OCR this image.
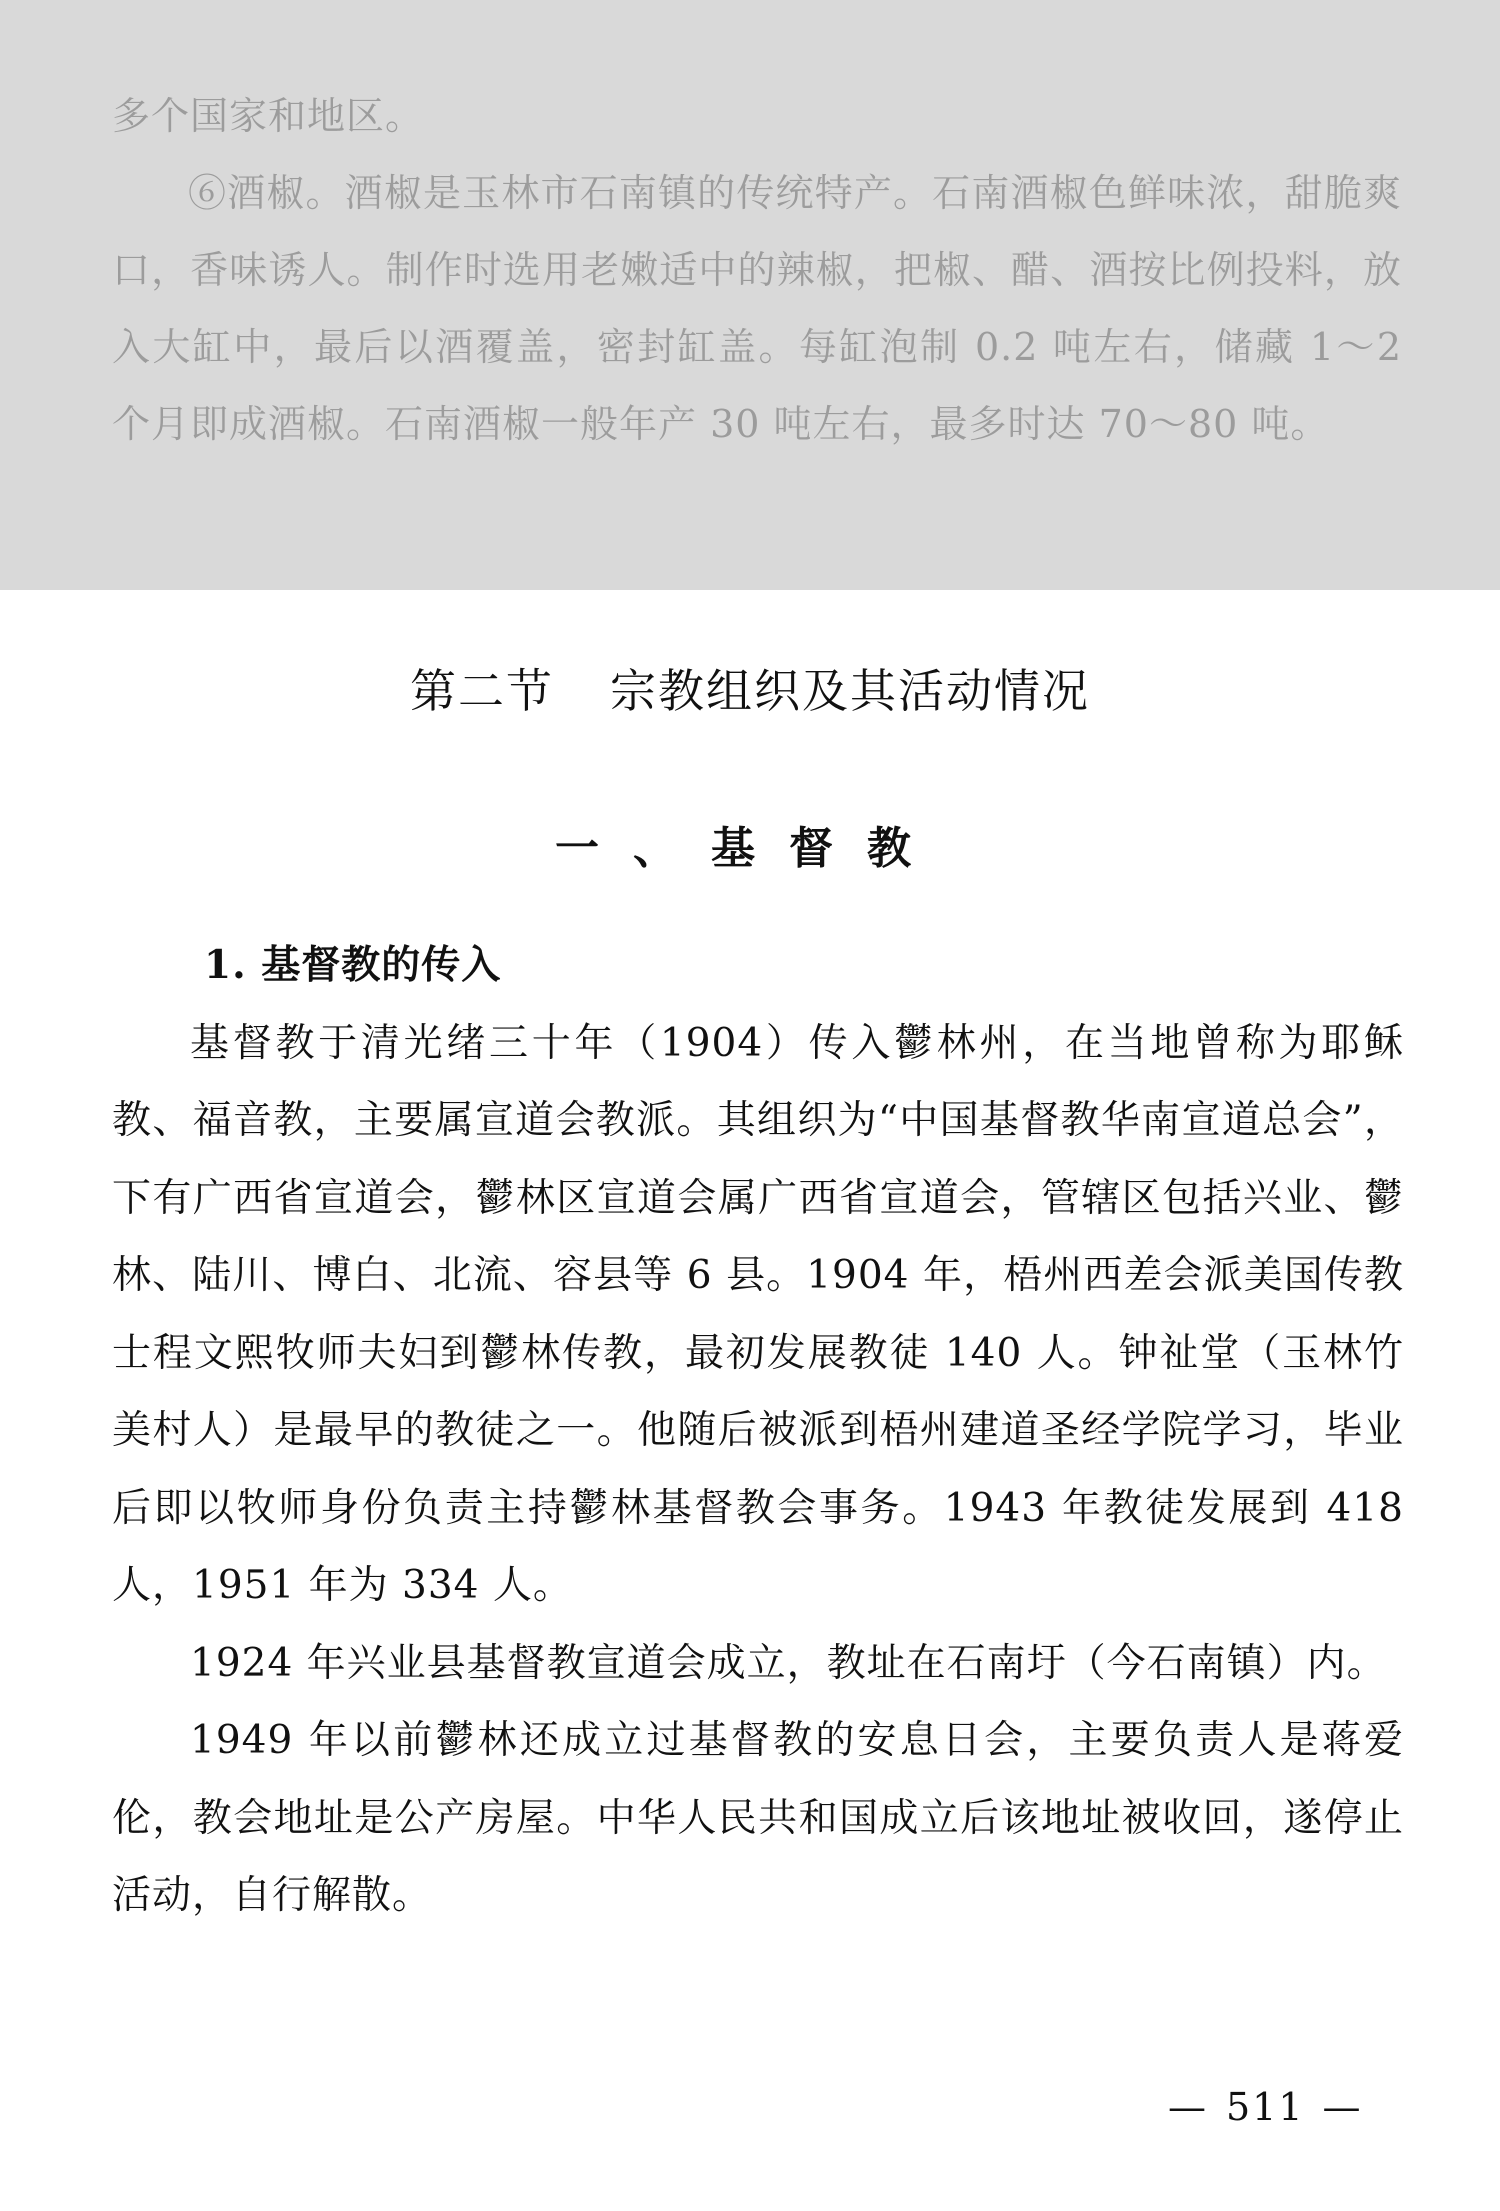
多个国家和地区。

⑥酒椒。酒椒是玉林市石南镇的传统特产。石南酒椒色鲜味浓，甜脆爽口，香味诱人。制作时选用老嫩适中的辣椒，把椒、醋、酒按比例投料，放入大缸中，最后以酒覆盖，密封缸盖。每缸泡制 0.2 吨左右，储藏 1～2 个月即成酒椒。石南酒椒一般年产 30 吨左右，最多时达 70～80 吨。

第二节 宗教组织及其活动情况
一、基督教

1. 基督教的传入

基督教于清光绪三十年（1904）传入鬱林州，在当地曾称为耶稣教、福音教，主要属宣道会教派。其组织为“中国基督教华南宣道总会”，下有广西省宣道会，鬱林区宣道会属广西省宣道会，管辖区包括兴业、鬱林、陆川、博白、北流、容县等 6 县。1904 年，梧州西差会派美国传教士程文熙牧师夫妇到鬱林传教，最初发展教徒 140 人。钟祉堂（玉林竹美村人）是最早的教徒之一。他随后被派到梧州建道圣经学院学习，毕业后即以牧师身份负责主持鬱林基督教会事务。1943 年教徒发展到 418 人，1951 年为 334 人。

1924 年兴业县基督教宣道会成立，教址在石南圩（今石南镇）内。

1949 年以前鬱林还成立过基督教的安息日会，主要负责人是蒋爱伦，教会地址是公产房屋。中华人民共和国成立后该地址被收回，遂停止活动，自行解散。

— 511 —
